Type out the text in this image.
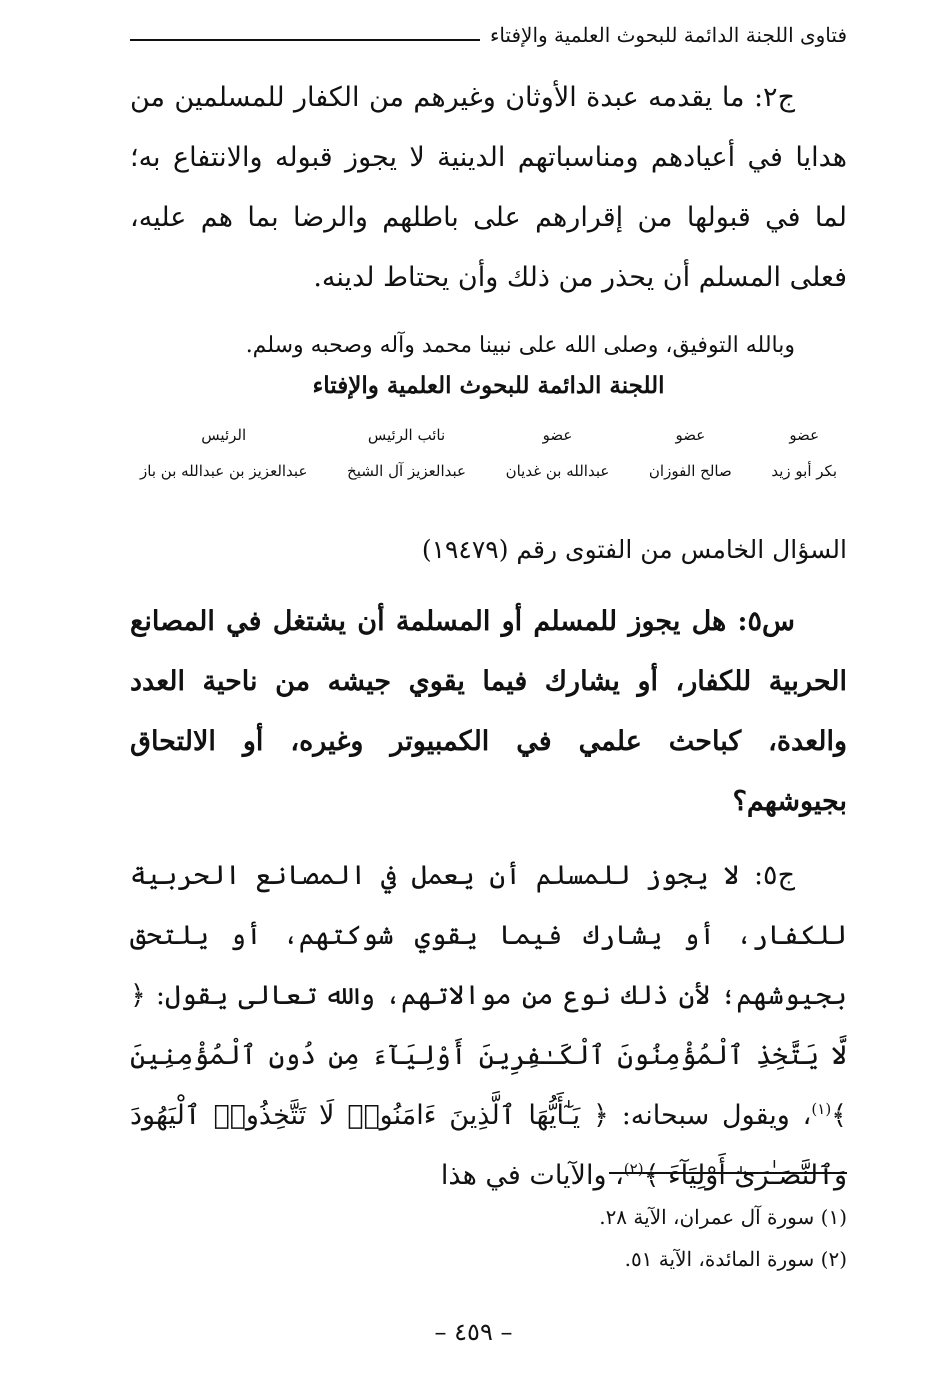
فتاوى اللجنة الدائمة للبحوث العلمية والإفتاء

ج٢: ما يقدمه عبدة الأوثان وغيرهم من الكفار للمسلمين من هدايا في أعيادهم ومناسباتهم الدينية لا يجوز قبوله والانتفاع به؛ لما في قبولها من إقرارهم على باطلهم والرضا بما هم عليه، فعلى المسلم أن يحذر من ذلك وأن يحتاط لدينه.

وبالله التوفيق، وصلى الله على نبينا محمد وآله وصحبه وسلم.

اللجنة الدائمة للبحوث العلمية والإفتاء

عضو
بكر أبو زيد
عضو
صالح الفوزان
عضو
عبدالله بن غديان
نائب الرئيس
عبدالعزيز آل الشيخ
الرئيس
عبدالعزيز بن عبدالله بن باز

السؤال الخامس من الفتوى رقم (١٩٤٧٩)

س٥: هل يجوز للمسلم أو المسلمة أن يشتغل في المصانع الحربية للكفار، أو يشارك فيما يقوي جيشه من ناحية العدد والعدة، كباحث علمي في الكمبيوتر وغيره، أو الالتحاق بجيوشهم؟

ج٥: لا يجوز للمسلم أن يعمل في المصانع الحربية للكفار، أو يشارك فيما يقوي شوكتهم، أو يلتحق بجيوشهم؛ لأن ذلك نوع من موالاتهم، والله تعالى يقول: ﴿ لَّا يَتَّخِذِ ٱلْمُؤْمِنُونَ ٱلْكَـٰفِرِينَ أَوْلِيَآءَ مِن دُونِ ٱلْمُؤْمِنِينَ ﴾$^{(١)}$، ويقول سبحانه: ﴿ يَـٰٓأَيُّهَا ٱلَّذِينَ ءَامَنُوا۟ لَا تَتَّخِذُوا۟ ٱلْيَهُودَ وَٱلنَّصَـٰرَىٰٓ أَوْلِيَآءَ ﴾$^{(٢)}$، والآيات في هذا

(١) سورة آل عمران، الآية ٢٨.

(٢) سورة المائدة، الآية ٥١.

– ٤٥٩ –
